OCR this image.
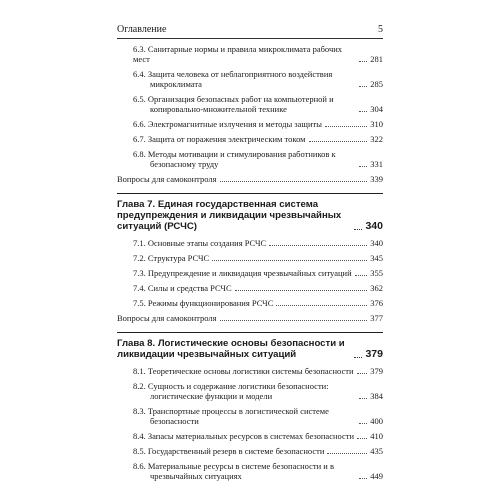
Оглавление	5
6.3. Санитарные нормы и правила микроклимата рабочих мест	281
6.4. Защита человека от неблагоприятного воздействия микроклимата	285
6.5. Организация безопасных работ на компьютерной и копировально-множительной технике	304
6.6. Электромагнитные излучения и методы защиты	310
6.7. Защита от поражения электрическим током	322
6.8. Методы мотивации и стимулирования работников к безопасному труду	331
Вопросы для самоконтроля	339
Глава 7. Единая государственная система предупреждения и ликвидации чрезвычайных ситуаций (РСЧС)	340
7.1. Основные этапы создания РСЧС	340
7.2. Структура РСЧС	345
7.3. Предупреждение и ликвидация чрезвычайных ситуаций 355
7.4. Силы и средства РСЧС	362
7.5. Режимы функционирования РСЧС	376
Вопросы для самоконтроля	377
Глава 8. Логистические основы безопасности и ликвидации чрезвычайных ситуаций	379
8.1. Теоретические основы логистики системы безопасности 379
8.2. Сущность и содержание логистики безопасности: логистические функции и модели	384
8.3. Транспортные процессы в логистической системе безопасности	400
8.4. Запасы материальных ресурсов в системах безопасности 410
8.5. Государственный резерв в системе безопасности	435
8.6. Материальные ресурсы в системе безопасности и в чрезвычайных ситуациях	449
